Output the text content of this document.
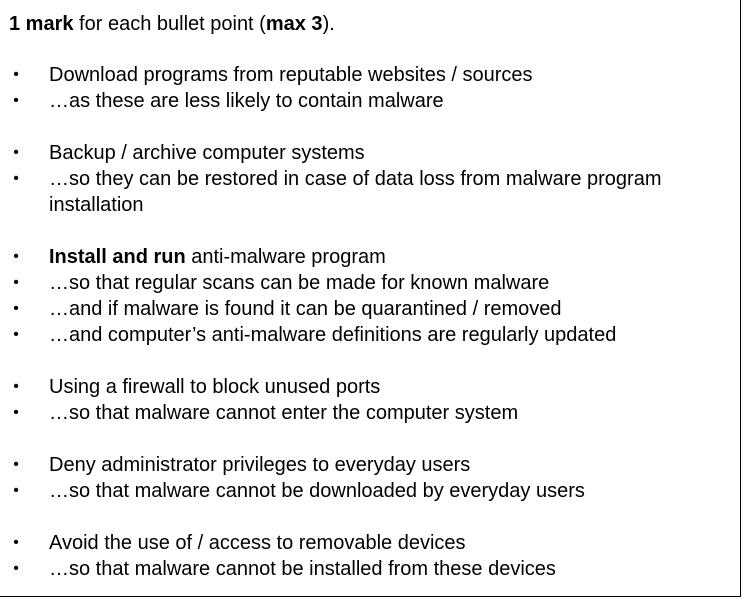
1 mark for each bullet point (max 3).
• Download programs from reputable websites / sources
• …as these are less likely to contain malware
• Backup / archive computer systems
• …so they can be restored in case of data loss from malware program installation
• Install and run anti-malware program
• …so that regular scans can be made for known malware
• …and if malware is found it can be quarantined / removed
• …and computer’s anti-malware definitions are regularly updated
• Using a firewall to block unused ports
• …so that malware cannot enter the computer system
• Deny administrator privileges to everyday users
• …so that malware cannot be downloaded by everyday users
• Avoid the use of / access to removable devices
• …so that malware cannot be installed from these devices
